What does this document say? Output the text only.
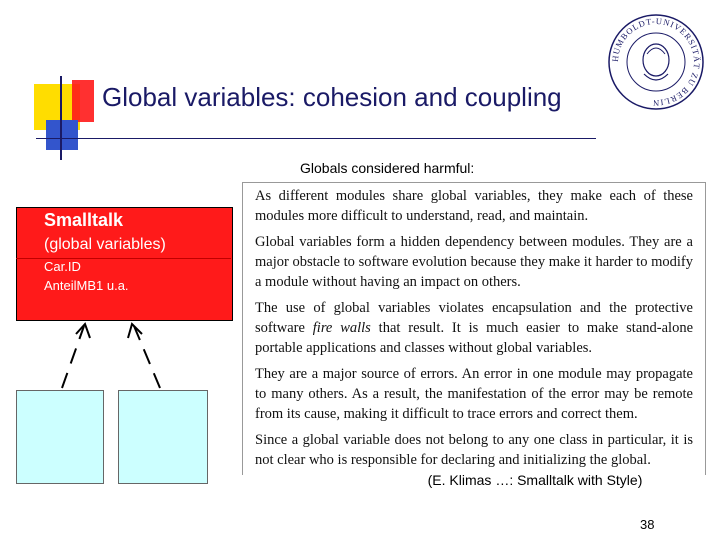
Global variables: cohesion and coupling
HUMBOLDT-UNIVERSITÄT ZU BERLIN
Globals considered harmful:
Smalltalk
(global variables)
Car.ID
AnteilMB1 u.a.

As different modules share global variables, they make each of these modules more difficult to understand, read, and maintain.

Global variables form a hidden dependency between modules. They are a major obstacle to software evolution because they make it harder to modify a module without having an impact on others.

The use of global variables violates encapsulation and the protective software fire walls that result. It is much easier to make stand-alone portable applications and classes without global variables.

They are a major source of errors. An error in one module may propagate to many others. As a result, the manifestation of the error may be remote from its cause, making it difficult to trace errors and correct them.

Since a global variable does not belong to any one class in particular, it is not clear who is responsible for declaring and initializing the global.

(E. Klimas …: Smalltalk with Style)
38
